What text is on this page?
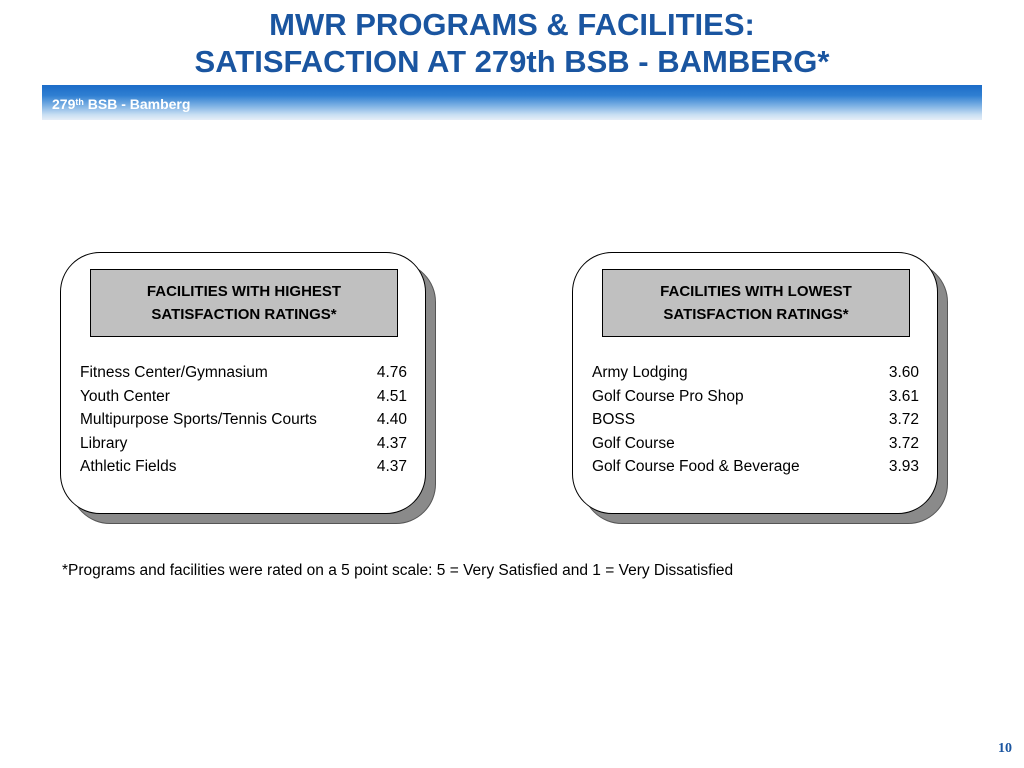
MWR PROGRAMS & FACILITIES:
SATISFACTION AT 279th BSB - BAMBERG*
279th BSB - Bamberg
FACILITIES WITH HIGHEST SATISFACTION RATINGS*
Fitness Center/Gymnasium	4.76
Youth Center	4.51
Multipurpose Sports/Tennis Courts	4.40
Library	4.37
Athletic Fields	4.37
FACILITIES WITH LOWEST SATISFACTION RATINGS*
Army Lodging	3.60
Golf Course Pro Shop	3.61
BOSS	3.72
Golf Course	3.72
Golf Course Food & Beverage	3.93
*Programs and facilities were rated on a 5 point scale: 5 = Very Satisfied and 1 = Very Dissatisfied
10
